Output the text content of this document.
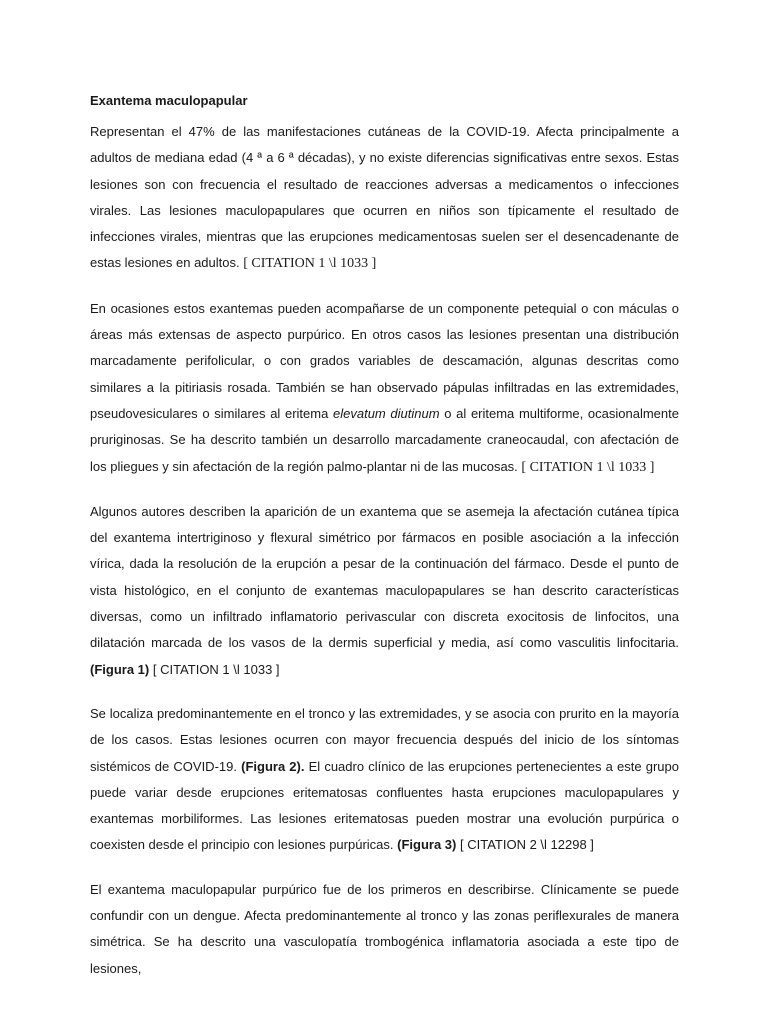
Exantema maculopapular

Representan el 47% de las manifestaciones cutáneas de la COVID-19. Afecta principalmente a adultos de mediana edad (4 ª a 6 ª décadas), y no existe diferencias significativas entre sexos. Estas lesiones son con frecuencia el resultado de reacciones adversas a medicamentos o infecciones virales. Las lesiones maculopapulares que ocurren en niños son típicamente el resultado de infecciones virales, mientras que las erupciones medicamentosas suelen ser el desencadenante de estas lesiones en adultos. [ CITATION 1 \l 1033 ]

En ocasiones estos exantemas pueden acompañarse de un componente petequial o con máculas o áreas más extensas de aspecto purpúrico. En otros casos las lesiones presentan una distribución marcadamente perifolicular, o con grados variables de descamación, algunas descritas como similares a la pitiriasis rosada. También se han observado pápulas infiltradas en las extremidades, pseudovesiculares o similares al eritema elevatum diutinum o al eritema multiforme, ocasionalmente pruriginosas. Se ha descrito también un desarrollo marcadamente craneocaudal, con afectación de los pliegues y sin afectación de la región palmo-plantar ni de las mucosas. [ CITATION 1 \l 1033 ]

Algunos autores describen la aparición de un exantema que se asemeja la afectación cutánea típica del exantema intertriginoso y flexural simétrico por fármacos en posible asociación a la infección vírica, dada la resolución de la erupción a pesar de la continuación del fármaco. Desde el punto de vista histológico, en el conjunto de exantemas maculopapulares se han descrito características diversas, como un infiltrado inflamatorio perivascular con discreta exocitosis de linfocitos, una dilatación marcada de los vasos de la dermis superficial y media, así como vasculitis linfocitaria. (Figura 1) [ CITATION 1 \l 1033 ]

Se localiza predominantemente en el tronco y las extremidades, y se asocia con prurito en la mayoría de los casos. Estas lesiones ocurren con mayor frecuencia después del inicio de los síntomas sistémicos de COVID-19. (Figura 2). El cuadro clínico de las erupciones pertenecientes a este grupo puede variar desde erupciones eritematosas confluentes hasta erupciones maculopapulares y exantemas morbiliformes. Las lesiones eritematosas pueden mostrar una evolución purpúrica o coexisten desde el principio con lesiones purpúricas. (Figura 3) [ CITATION 2 \l 12298 ]

El exantema maculopapular purpúrico fue de los primeros en describirse. Clínicamente se puede confundir con un dengue. Afecta predominantemente al tronco y las zonas periflexurales de manera simétrica. Se ha descrito una vasculopatía trombogénica inflamatoria asociada a este tipo de lesiones,
